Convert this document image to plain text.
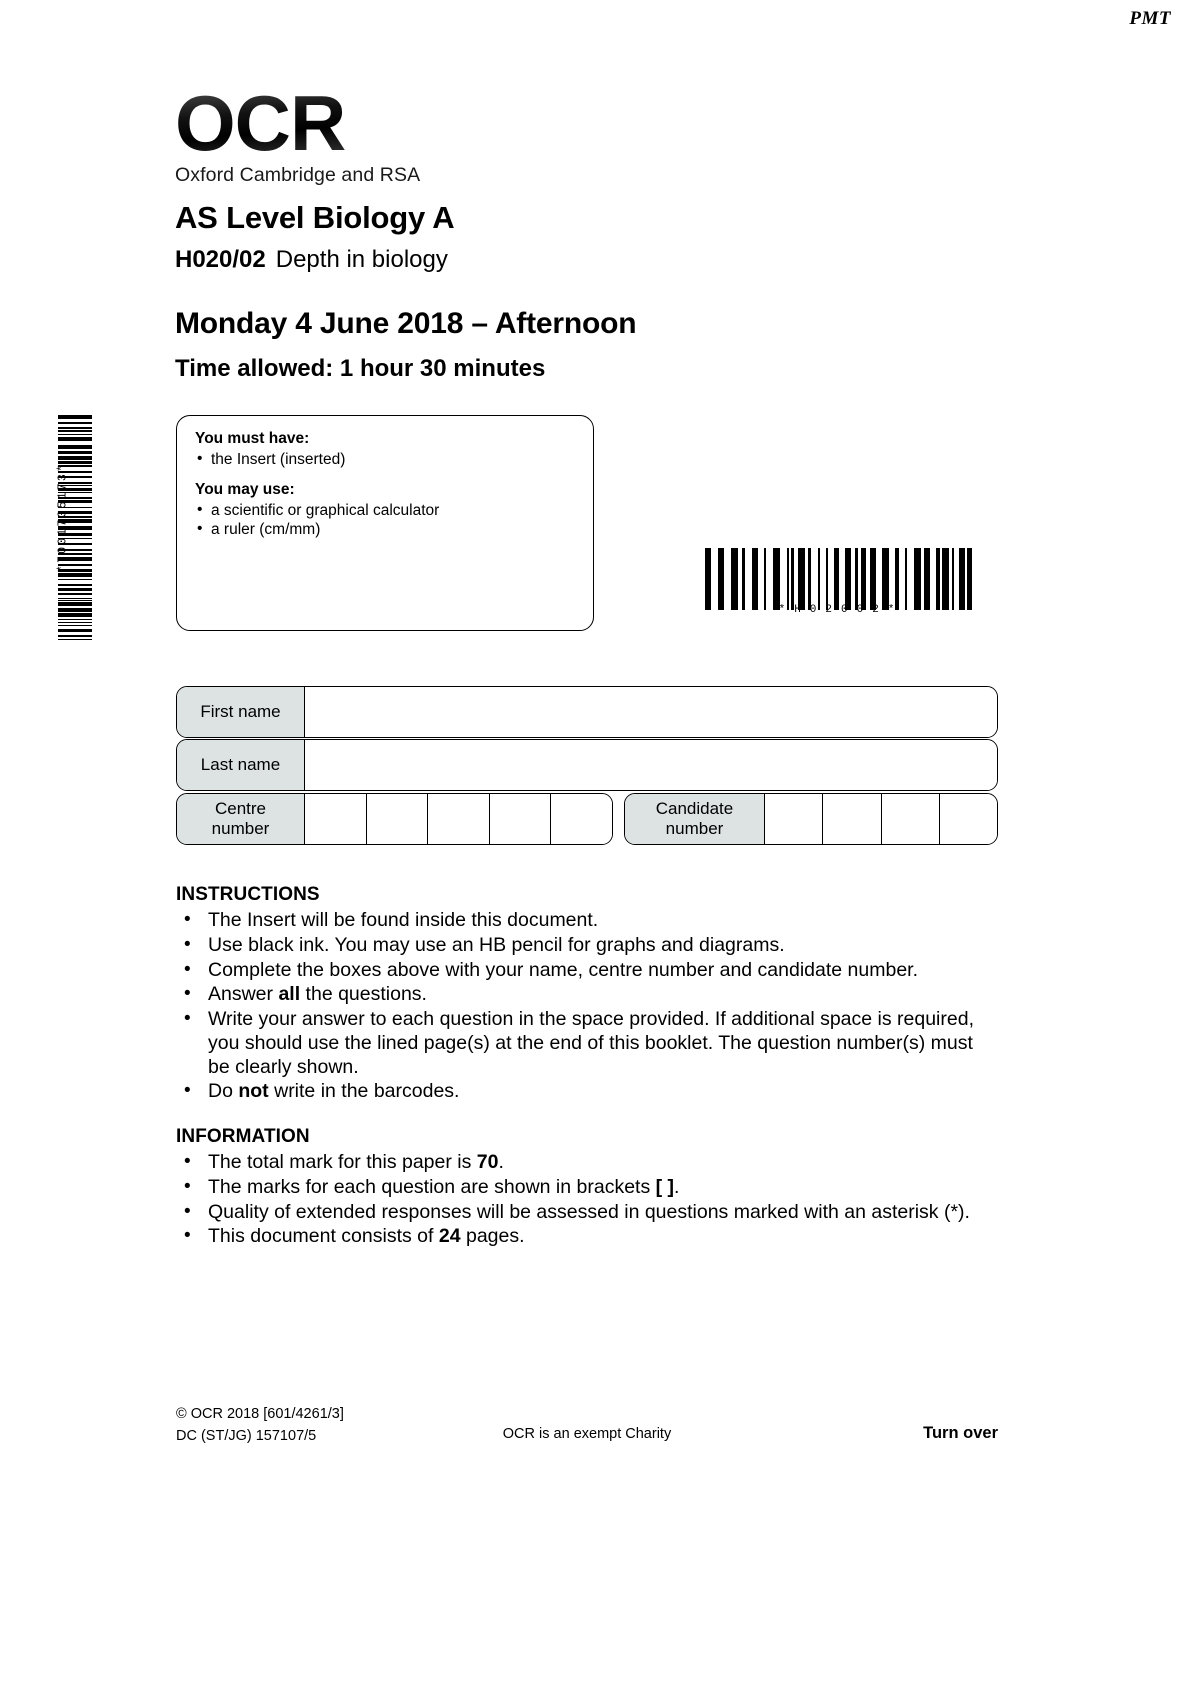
PMT
OCR
Oxford Cambridge and RSA
AS Level Biology A
H020/02 Depth in biology
Monday 4 June 2018 – Afternoon
Time allowed: 1 hour 30 minutes
*7001735173*

You must have:

• the Insert (inserted)

You may use:

• a scientific or graphical calculator

• a ruler (cm/mm)

*H02002*
First name
Last name
Centre
number
Candidate
number
INSTRUCTIONS
• The Insert will be found inside this document.
• Use black ink. You may use an HB pencil for graphs and diagrams.
• Complete the boxes above with your name, centre number and candidate number.
• Answer all the questions.
• Write your answer to each question in the space provided. If additional space is required, you should use the lined page(s) at the end of this booklet. The question number(s) must be clearly shown.
• Do not write in the barcodes.
INFORMATION
• The total mark for this paper is 70.
• The marks for each question are shown in brackets [ ].
• Quality of extended responses will be assessed in questions marked with an asterisk (*).
• This document consists of 24 pages.
© OCR 2018 [601/4261/3]
DC (ST/JG) 157107/5	OCR is an exempt Charity	Turn over
